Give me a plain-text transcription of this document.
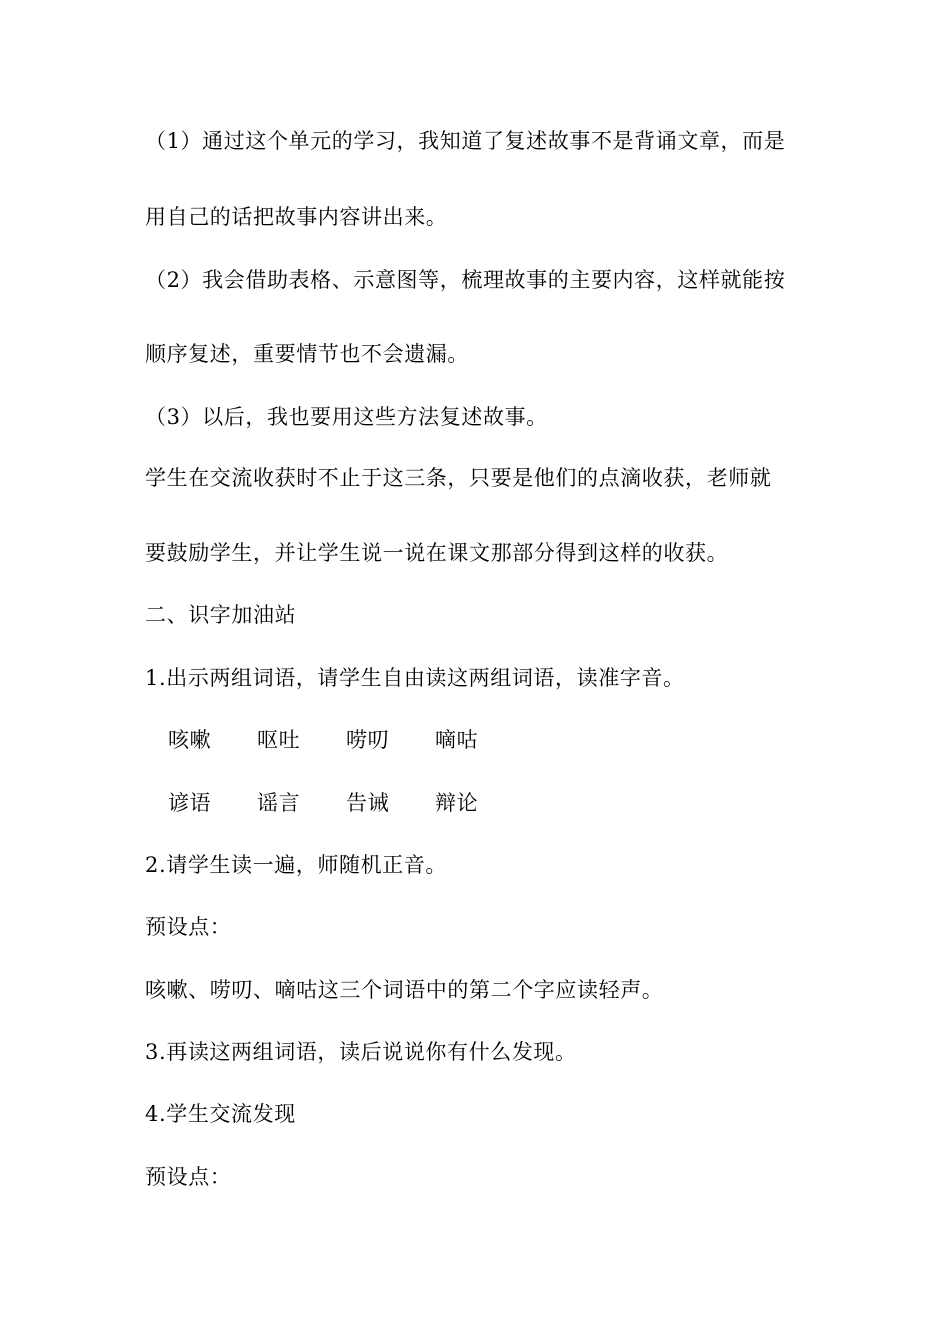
（1）通过这个单元的学习，我知道了复述故事不是背诵文章，而是
用自己的话把故事内容讲出来。
（2）我会借助表格、示意图等，梳理故事的主要内容，这样就能按
顺序复述，重要情节也不会遗漏。
（3）以后，我也要用这些方法复述故事。
学生在交流收获时不止于这三条，只要是他们的点滴收获，老师就
要鼓励学生，并让学生说一说在课文那部分得到这样的收获。
二、识字加油站
1.出示两组词语，请学生自由读这两组词语，读准字音。
咳嗽 呕吐 唠叨 嘀咕
谚语 谣言 告诫 辩论
2.请学生读一遍，师随机正音。
预设点：
咳嗽、唠叨、嘀咕这三个词语中的第二个字应读轻声。
3.再读这两组词语，读后说说你有什么发现。
4.学生交流发现
预设点：
